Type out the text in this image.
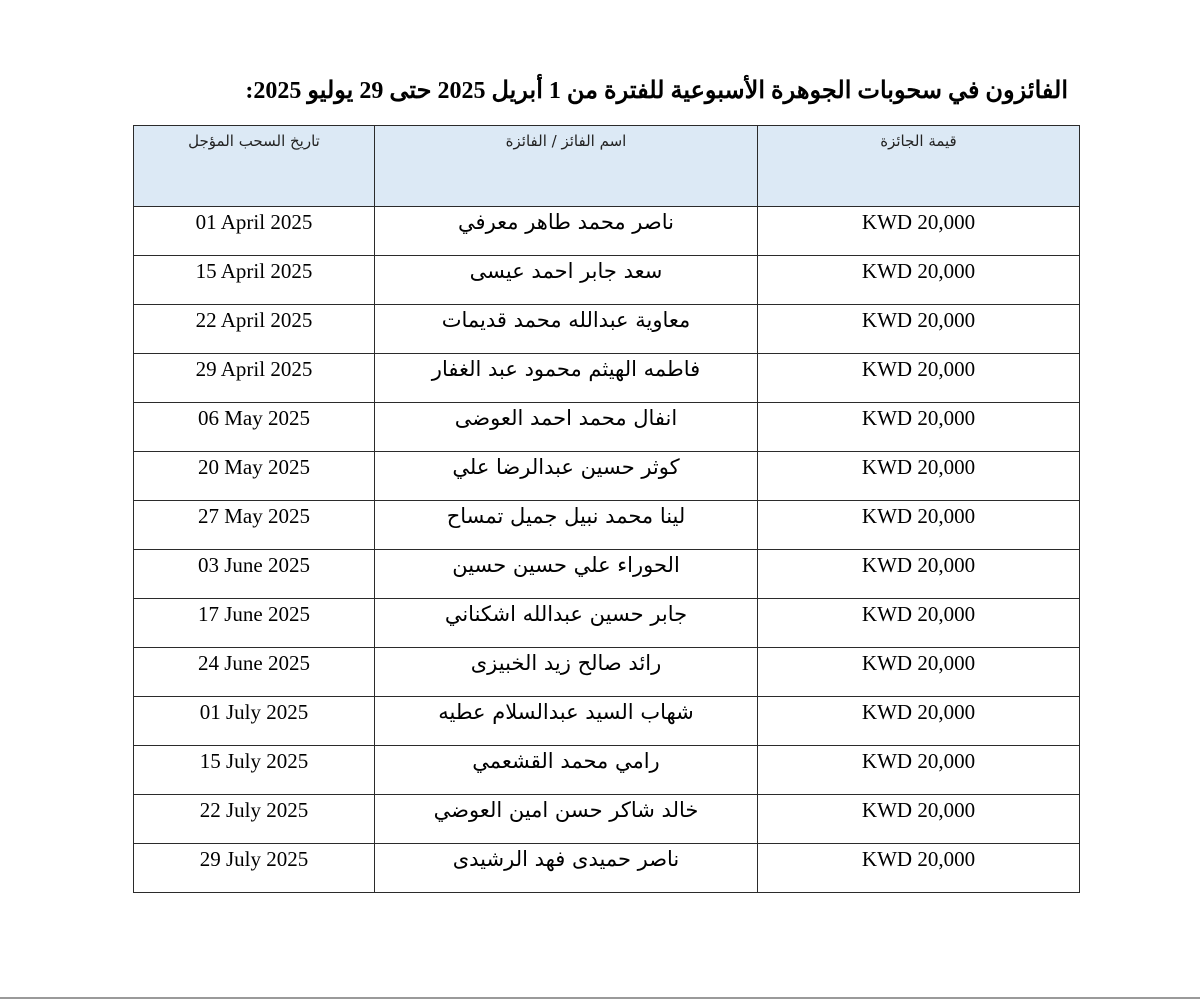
الفائزون في سحوبات الجوهرة الأسبوعية للفترة من 1 أبريل 2025 حتى 29 يوليو 2025:
تاريخ السحب المؤجل	اسم الفائز / الفائزة	قيمة الجائزة
01 April 2025	ناصر محمد طاهر معرفي	KWD 20,000
15 April 2025	سعد جابر احمد عيسى	KWD 20,000
22 April 2025	معاوية عبدالله محمد قديمات	KWD 20,000
29 April 2025	فاطمه الهيثم محمود عبد الغفار	KWD 20,000
06 May 2025	انفال محمد احمد العوضى	KWD 20,000
20 May 2025	كوثر حسين عبدالرضا علي	KWD 20,000
27 May 2025	لينا محمد نبيل جميل تمساح	KWD 20,000
03 June 2025	الحوراء علي حسين حسين	KWD 20,000
17 June 2025	جابر حسين عبدالله اشكناني	KWD 20,000
24 June 2025	رائد صالح زيد الخبيزى	KWD 20,000
01 July 2025	شهاب السيد عبدالسلام عطيه	KWD 20,000
15 July 2025	رامي محمد القشعمي	KWD 20,000
22 July 2025	خالد شاكر حسن امين العوضي	KWD 20,000
29 July 2025	ناصر حميدى فهد الرشيدى	KWD 20,000
